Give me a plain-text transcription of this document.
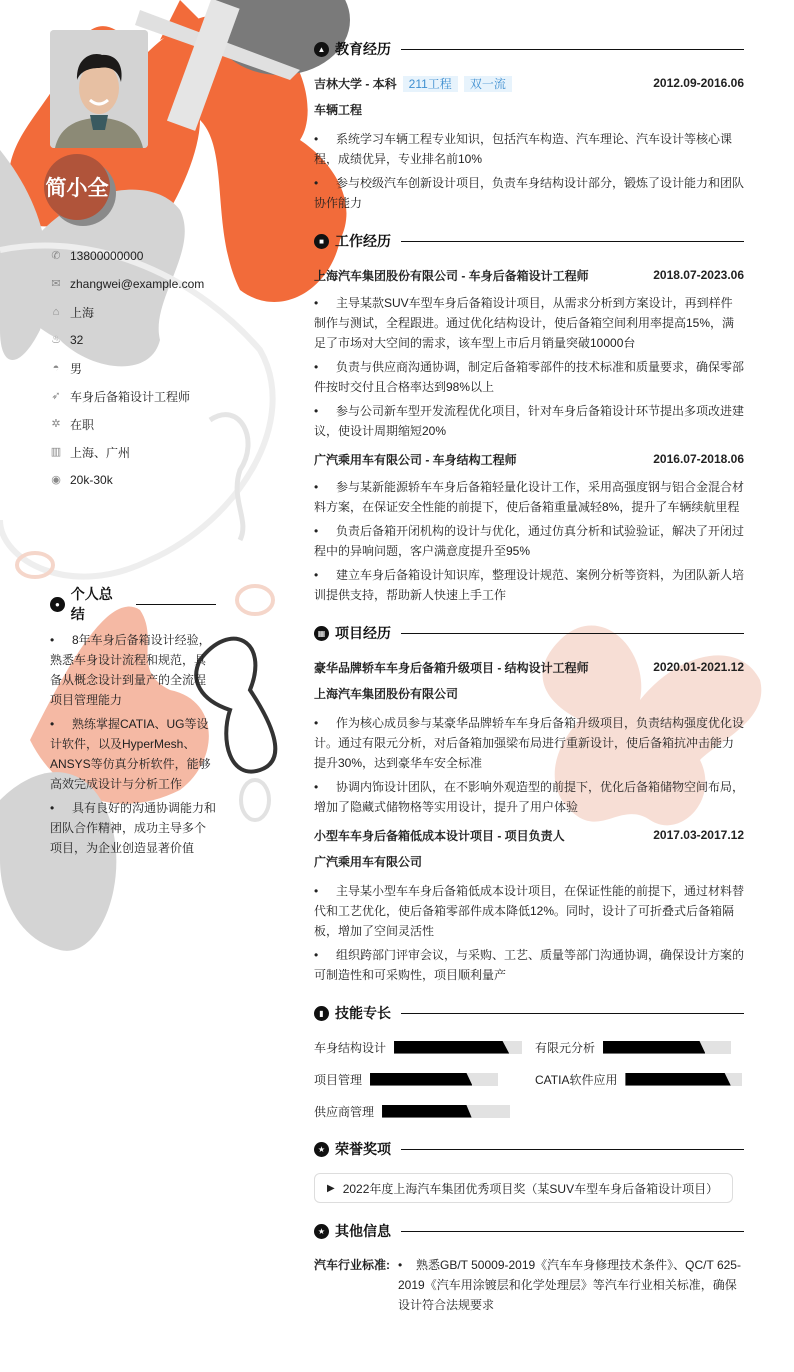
简小全
✆ 13800000000
✉ zhangwei@example.com
⌂ 上海
♨ 32
◓ 男
➶ 车身后备箱设计工程师
✲ 在职
▥ 上海、广州
◉ 20k-30k
●
个人总结
• 8年车身后备箱设计经验，熟悉车身设计流程和规范，具备从概念设计到量产的全流程项目管理能力
• 熟练掌握CATIA、UG等设计软件，以及HyperMesh、ANSYS等仿真分析软件，能够高效完成设计与分析工作
• 具有良好的沟通协调能力和团队合作精神，成功主导多个项目，为企业创造显著价值
▲ 教育经历
吉林大学 - 本科 211工程 双一流	2012.09-2016.06
车辆工程
• 系统学习车辆工程专业知识，包括汽车构造、汽车理论、汽车设计等核心课程，成绩优异，专业排名前10%
• 参与校级汽车创新设计项目，负责车身结构设计部分，锻炼了设计能力和团队协作能力
■ 工作经历
上海汽车集团股份有限公司 - 车身后备箱设计工程师	2018.07-2023.06
• 主导某款SUV车型车身后备箱设计项目，从需求分析到方案设计，再到样件制作与测试，全程跟进。通过优化结构设计，使后备箱空间利用率提高15%，满足了市场对大空间的需求，该车型上市后月销量突破10000台
• 负责与供应商沟通协调，制定后备箱零部件的技术标准和质量要求，确保零部件按时交付且合格率达到98%以上
• 参与公司新车型开发流程优化项目，针对车身后备箱设计环节提出多项改进建议，使设计周期缩短20%
广汽乘用车有限公司 - 车身结构工程师	2016.07-2018.06
• 参与某新能源轿车车身后备箱轻量化设计工作，采用高强度钢与铝合金混合材料方案，在保证安全性能的前提下，使后备箱重量减轻8%，提升了车辆续航里程
• 负责后备箱开闭机构的设计与优化，通过仿真分析和试验验证，解决了开闭过程中的异响问题，客户满意度提升至95%
• 建立车身后备箱设计知识库，整理设计规范、案例分析等资料，为团队新人培训提供支持，帮助新人快速上手工作
▦ 项目经历
豪华品牌轿车车身后备箱升级项目 - 结构设计工程师	2020.01-2021.12
上海汽车集团股份有限公司
• 作为核心成员参与某豪华品牌轿车车身后备箱升级项目，负责结构强度优化设计。通过有限元分析，对后备箱加强梁布局进行重新设计，使后备箱抗冲击能力提升30%，达到豪华车安全标准
• 协调内饰设计团队，在不影响外观造型的前提下，优化后备箱储物空间布局，增加了隐藏式储物格等实用设计，提升了用户体验
小型车车身后备箱低成本设计项目 - 项目负责人	2017.03-2017.12
广汽乘用车有限公司
• 主导某小型车车身后备箱低成本设计项目，在保证性能的前提下，通过材料替代和工艺优化，使后备箱零部件成本降低12%。同时，设计了可折叠式后备箱隔板，增加了空间灵活性
• 组织跨部门评审会议，与采购、工艺、质量等部门沟通协调，确保设计方案的可制造性和可采购性，项目顺利量产
▮ 技能专长
车身结构设计	有限元分析
项目管理	CATIA软件应用
供应商管理
★ 荣誉奖项
▶ 2022年度上海汽车集团优秀项目奖（某SUV车型车身后备箱设计项目）
★ 其他信息
汽车行业标准: • 熟悉GB/T 50009-2019《汽车车身修理技术条件》、QC/T 625-2019《汽车用涂镀层和化学处理层》等汽车行业相关标准，确保设计符合法规要求
